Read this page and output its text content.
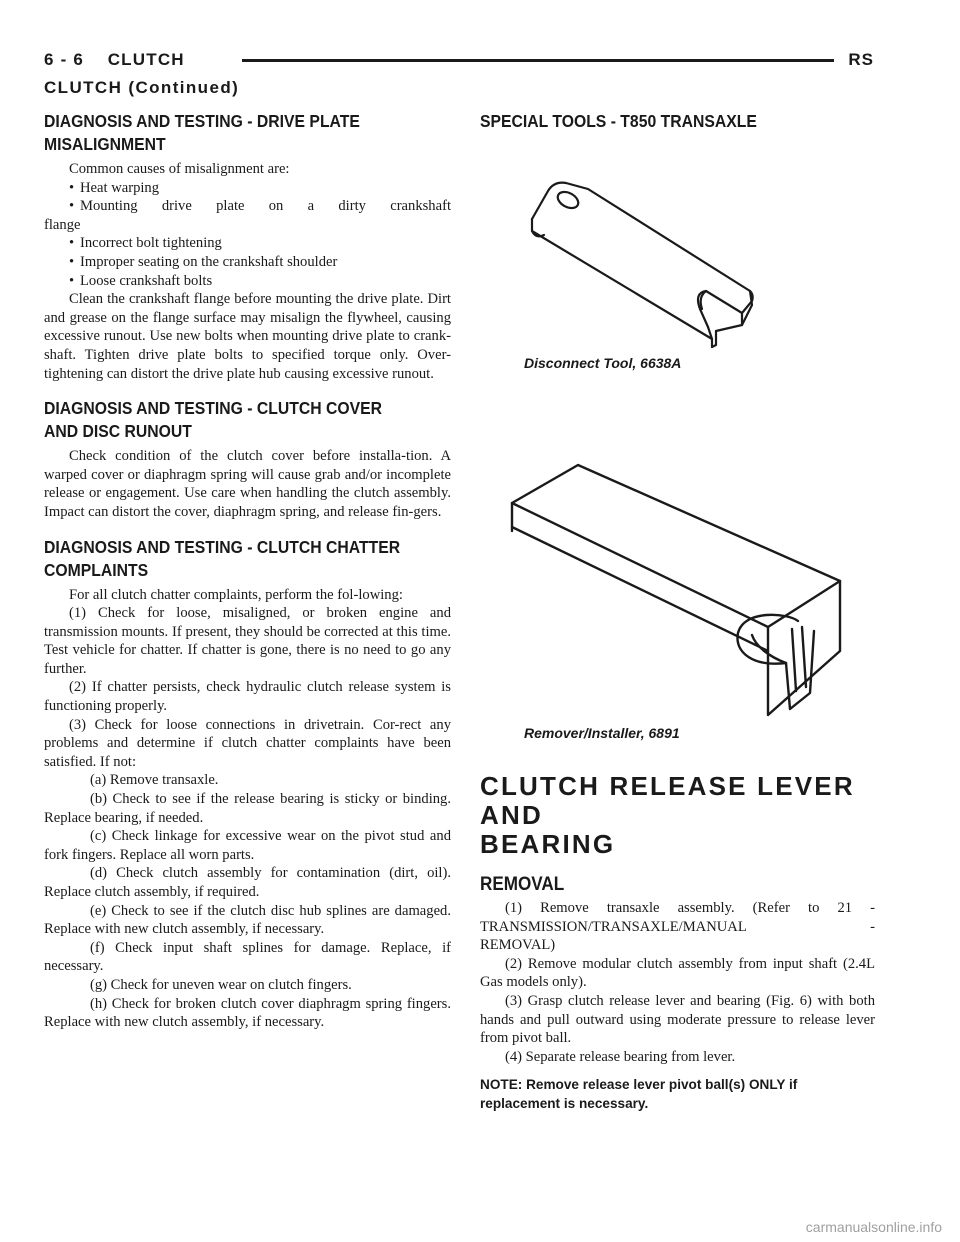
6 - 6    CLUTCH	RS
CLUTCH (Continued)
DIAGNOSIS AND TESTING - DRIVE PLATE
MISALIGNMENT

Common causes of misalignment are:

• Heat warping
• Mounting drive plate on a dirty crankshaft
flange
• Incorrect bolt tightening
• Improper seating on the crankshaft shoulder
• Loose crankshaft bolts

Clean the crankshaft flange before mounting the drive plate. Dirt and grease on the flange surface may misalign the flywheel, causing excessive runout. Use new bolts when mounting drive plate to crank-shaft. Tighten drive plate bolts to specified torque only. Over-tightening can distort the drive plate hub causing excessive runout.

DIAGNOSIS AND TESTING - CLUTCH COVER
AND DISC RUNOUT

Check condition of the clutch cover before installa-tion. A warped cover or diaphragm spring will cause grab and/or incomplete release or engagement. Use care when handling the clutch assembly. Impact can distort the cover, diaphragm spring, and release fin-gers.

DIAGNOSIS AND TESTING - CLUTCH CHATTER
COMPLAINTS

For all clutch chatter complaints, perform the fol-lowing:

(1) Check for loose, misaligned, or broken engine and transmission mounts. If present, they should be corrected at this time. Test vehicle for chatter. If chatter is gone, there is no need to go any further.

(2) If chatter persists, check hydraulic clutch release system is functioning properly.

(3) Check for loose connections in drivetrain. Cor-rect any problems and determine if clutch chatter complaints have been satisfied. If not:

(a) Remove transaxle.

(b) Check to see if the release bearing is sticky or binding. Replace bearing, if needed.

(c) Check linkage for excessive wear on the pivot stud and fork fingers. Replace all worn parts.

(d) Check clutch assembly for contamination (dirt, oil). Replace clutch assembly, if required.

(e) Check to see if the clutch disc hub splines are damaged. Replace with new clutch assembly, if necessary.

(f) Check input shaft splines for damage. Replace, if necessary.

(g) Check for uneven wear on clutch fingers.

(h) Check for broken clutch cover diaphragm spring fingers. Replace with new clutch assembly, if necessary.

SPECIAL TOOLS - T850 TRANSAXLE
Disconnect Tool, 6638A
Remover/Installer, 6891
CLUTCH RELEASE LEVER AND
BEARING
REMOVAL

(1) Remove transaxle assembly. (Refer to 21 -

TRANSMISSION/TRANSAXLE/MANUAL	-

REMOVAL)

(2) Remove modular clutch assembly from input shaft (2.4L Gas models only).

(3) Grasp clutch release lever and bearing (Fig. 6) with both hands and pull outward using moderate pressure to release lever from pivot ball.

(4) Separate release bearing from lever.

NOTE: Remove release lever pivot ball(s) ONLY if replacement is necessary.

carmanualsonline.info
